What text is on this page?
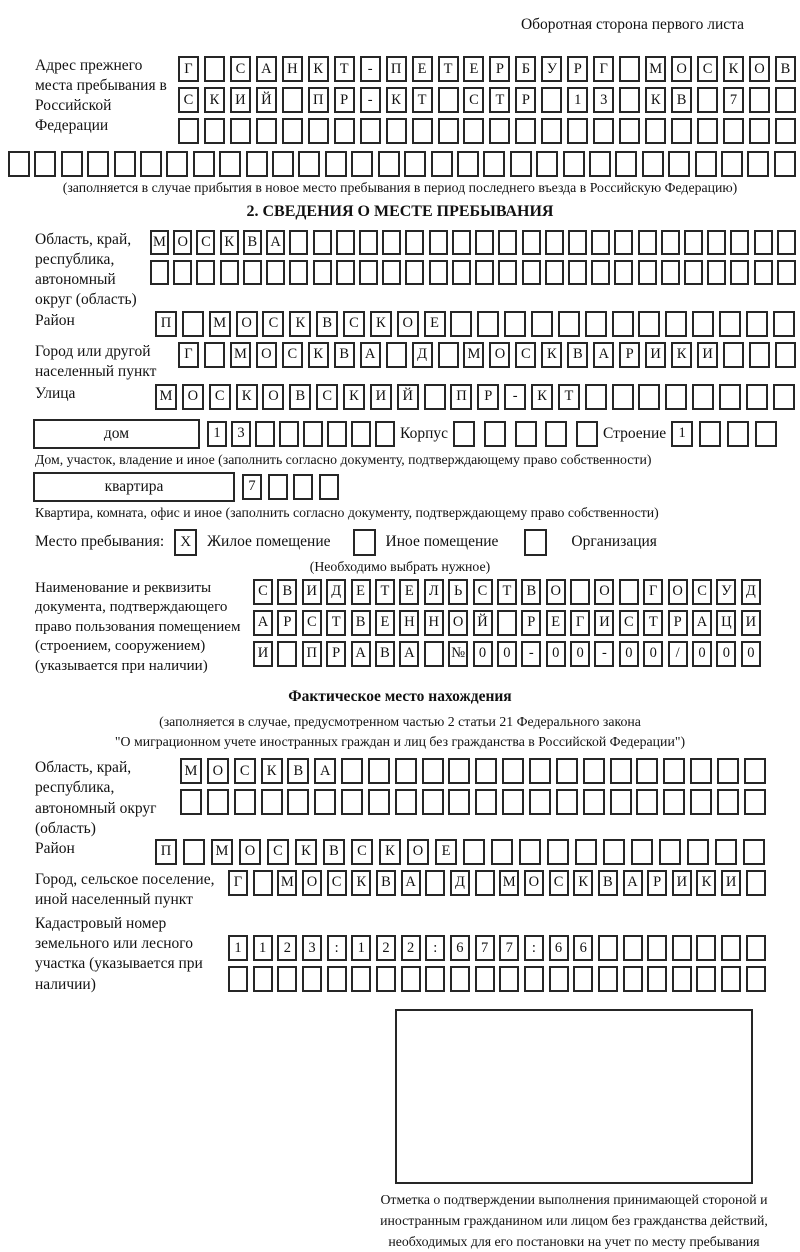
Оборотная сторона первого листа
Адрес прежнего места пребывания в Российской Федерации
Г	С	А	Н	К	Т	-	П	Е	Т	Е	Р	Б	У	Р	Г	М О	С	К	О	В
С	К	И	Й	П	Р	-	К	Т	С	Т	Р	1	3	К	В	7
(заполняется в случае прибытия в новое место пребывания в период последнего въезда в Российскую Федерацию)
2. СВЕДЕНИЯ О МЕСТЕ ПРЕБЫВАНИЯ
Область, край, республика, автономный округ (область)
М О С К В А
Район	П	М	О	С	К	В	С	К	О	Е
Город или другой населенный пункт
Г	М О	С	К	В	А	Д	М О	С	К	В	А	Р	И	К	И
Улица	М	О	С	К	О	В	С	К	И	Й	П	Р	-	К	Т
дом	1	3	Корпус	Строение 1
Дом, участок, владение и иное (заполнить согласно документу, подтверждающему право собственности)
квартира	7
Квартира, комната, офис и иное (заполнить согласно документу, подтверждающему право собственности)
Место пребывания:	X	Жилое помещение	Иное помещение	Организация
(Необходимо выбрать нужное)
Наименование и реквизиты документа, подтверждающего право пользования помещением (строением, сооружением) (указывается при наличии)
С	В И Д	Е	Т	Е	Л	Ь	С	Т	В О	О	Г	О С У Д
А	Р	С	Т	В	Е	Н Н О Й	Р	Е	Г	И С	Т	Р	А Ц И
И	П	Р	А В А	№ 0	0	-	0	0	-	0	0	/	0	0	0
Фактическое место нахождения
(заполняется в случае, предусмотренном частью 2 статьи 21 Федерального закона
"О миграционном учете иностранных граждан и лиц без гражданства в Российской Федерации")
Область, край, республика, автономный округ (область)
М	О	С	К	В	А
Район	П	М	О	С	К	В	С	К	О	Е
Город, сельское поселение, иной населенный пункт
Г	М О	С	К	В	А	Д	М О	С	К	В	А	Р	И	К	И
Кадастровый номер земельного или лесного участка (указывается при наличии)
1	1	2	3	:	1	2	2	:	6	7	7	:	6	6
Отметка о подтверждении выполнения принимающей стороной и иностранным гражданином или лицом без гражданства действий, необходимых для его постановки на учет по месту пребывания
